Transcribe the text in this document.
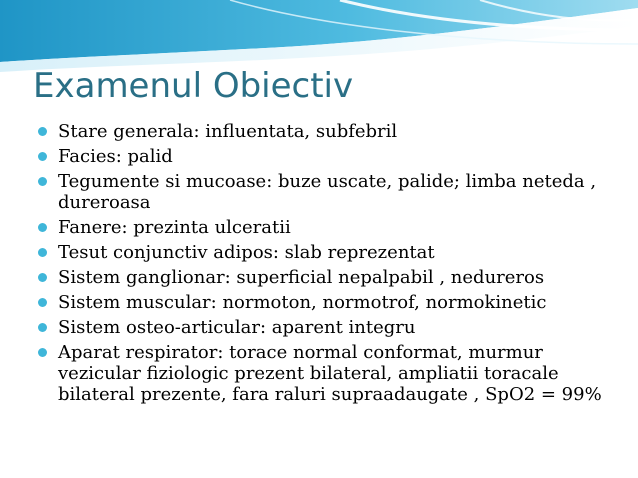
Examenul Obiectiv
Stare generala: influentata, subfebril
Facies: palid
Tegumente si mucoase: buze uscate, palide; limba neteda , dureroasa
Fanere: prezinta ulceratii
Tesut conjunctiv adipos: slab reprezentat
Sistem ganglionar: superficial nepalpabil , nedureros
Sistem muscular: normoton, normotrof, normokinetic
Sistem osteo-articular: aparent integru
Aparat respirator: torace normal conformat, murmur vezicular fiziologic prezent bilateral, ampliatii toracale bilateral prezente, fara raluri supraadaugate , SpO2 = 99%
